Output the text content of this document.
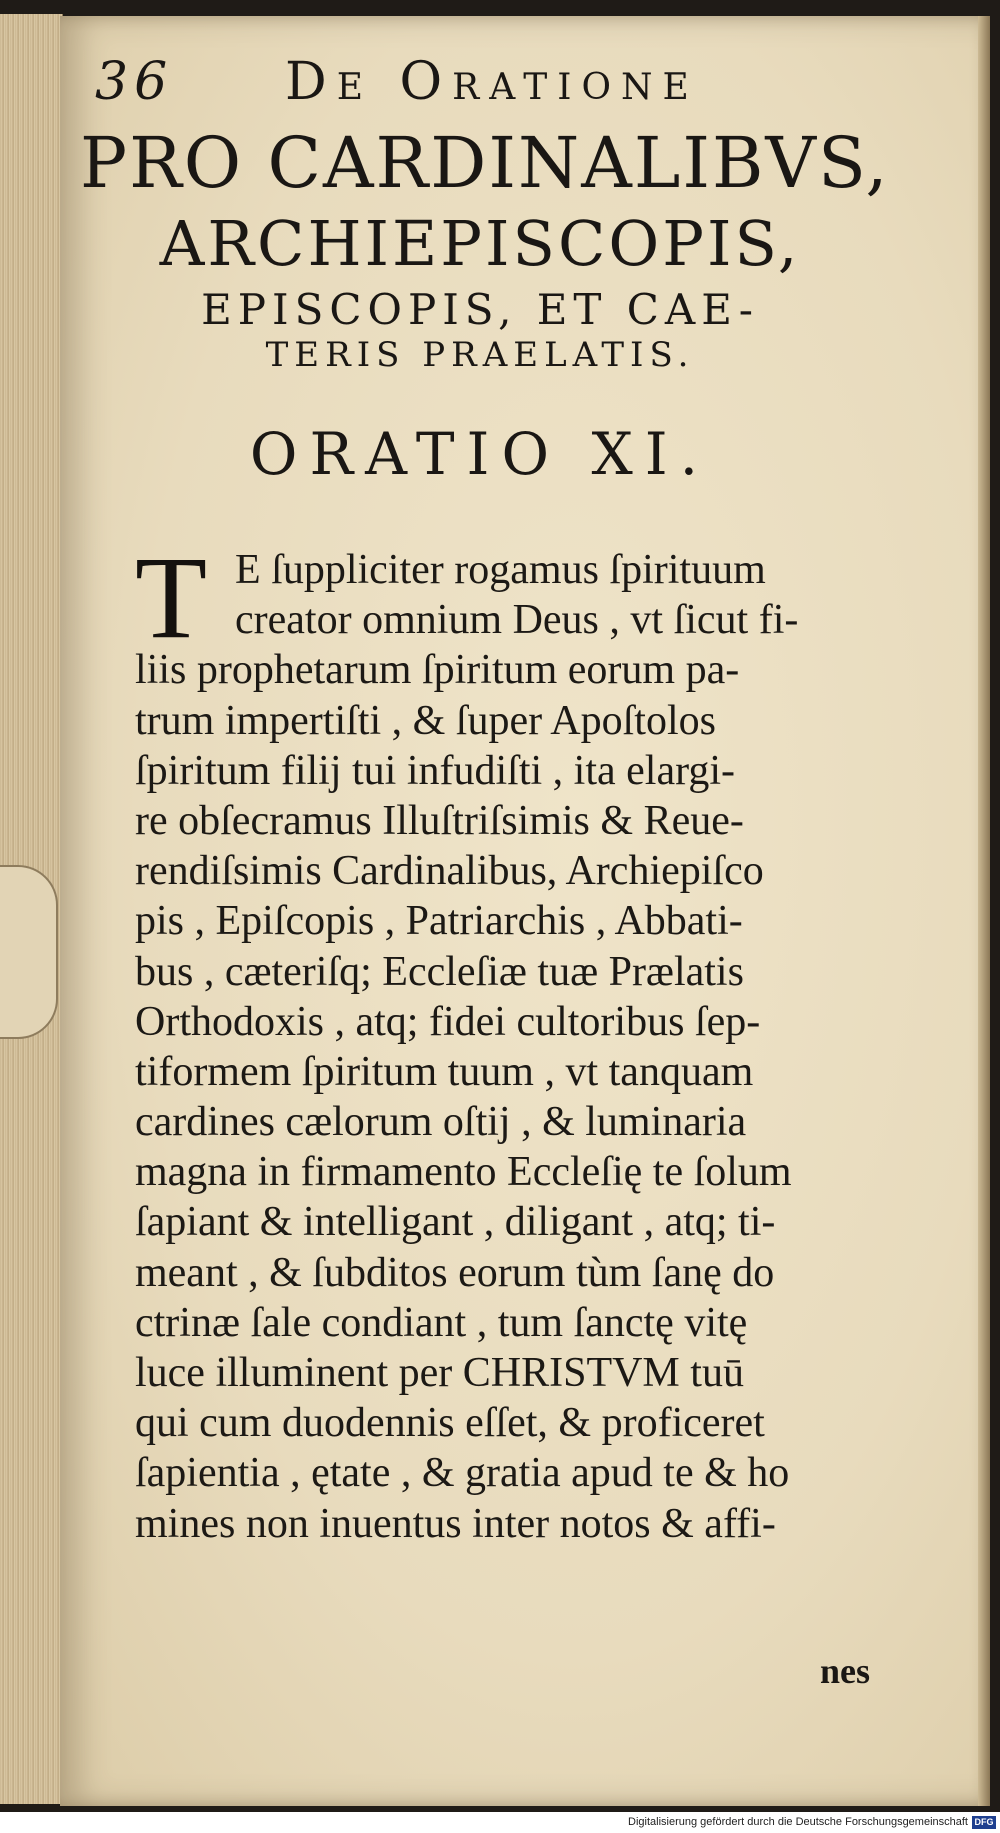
36 De Oratione
PRO CARDINALIBVS,
ARCHIEPISCOPIS,
EPISCOPIS, ET CAE-
TERIS PRAELATIS.
ORATIO XI.
T E ſuppliciter rogamus ſpirituum
creator omnium Deus , vt ſicut fi-
liis prophetarum ſpiritum eorum pa-
trum impertiſti , & ſuper Apoſtolos
ſpiritum filij tui infudiſti , ita elargi-
re obſecramus Illuſtriſsimis & Reue-
rendiſsimis Cardinalibus, Archiepiſco
pis , Epiſcopis , Patriarchis , Abbati-
bus , cæteriſq; Eccleſiæ tuæ Prælatis
Orthodoxis , atq; fidei cultoribus ſep-
tiformem ſpiritum tuum , vt tanquam
cardines cælorum oſtij , & luminaria
magna in firmamento Eccleſię te ſolum
ſapiant & intelligant , diligant , atq; ti-
meant , & ſubditos eorum tùm ſanę do
ctrinæ ſale condiant , tum ſanctę vitę
luce illuminent per CHRISTVM tuū
qui cum duodennis eſſet, & proficeret
ſapientia , ętate , & gratia apud te & ho
mines non inuentus inter notos & affi-
nes
Digitalisierung gefördert durch die Deutsche Forschungsgemeinschaft DFG
